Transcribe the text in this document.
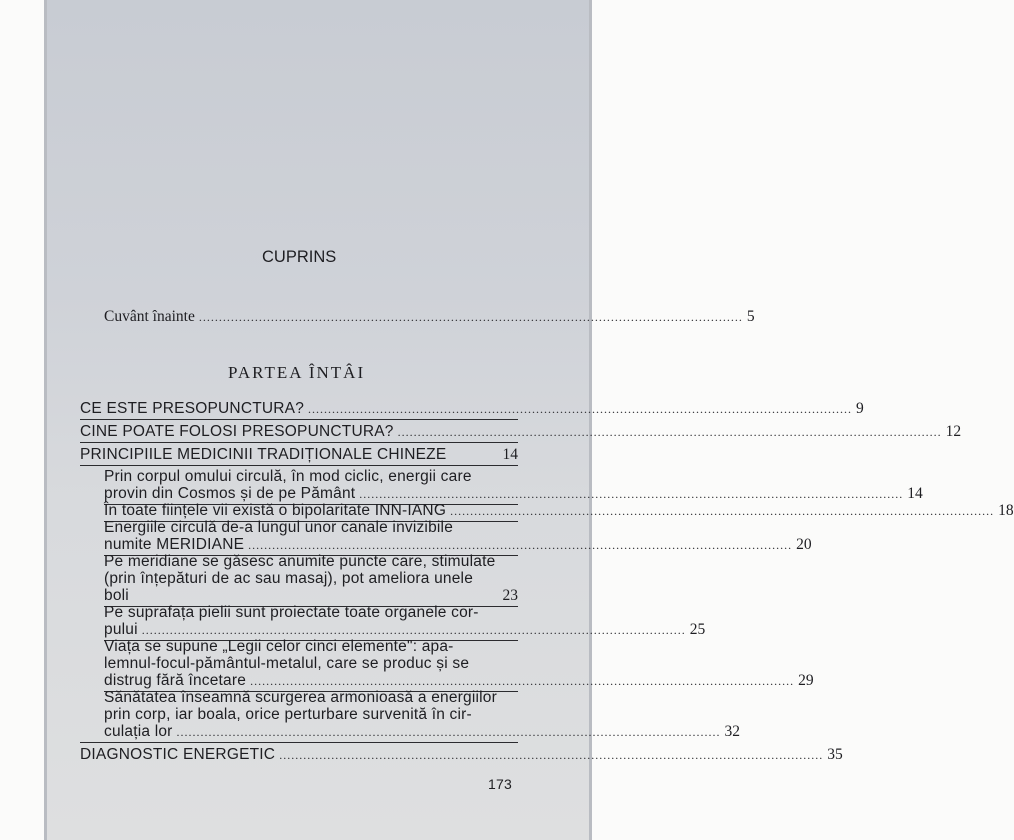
CUPRINS
Cuvânt înainte ........................................................................................................................................ 5
PARTEA ÎNTÂI
CE ESTE PRESOPUNCTURA? ........................................................................................................................................ 9
CINE POATE FOLOSI PRESOPUNCTURA? ........................................................................................................................................ 12
PRINCIPIILE MEDICINII TRADIȚIONALE CHINEZE	14
Prin corpul omului circulă, în mod ciclic, energii care
provin din Cosmos și de pe Pământ ........................................................................................................................................ 14
În toate ființele vii există o bipolaritate INN-IANG ........................................................................................................................................ 18
Energiile circulă de-a lungul unor canale invizibile
numite MERIDIANE ........................................................................................................................................ 20
Pe meridiane se găsesc anumite puncte care, stimulate
(prin înțepături de ac sau masaj), pot ameliora unele
boli	23
Pe suprafața pielii sunt proiectate toate organele cor-
pului ........................................................................................................................................ 25
Viața se supune „Legii celor cinci elemente": apa-
lemnul-focul-pământul-metalul, care se produc și se
distrug fără încetare ........................................................................................................................................ 29
Sănătatea înseamnă scurgerea armonioasă a energiilor
prin corp, iar boala, orice perturbare survenită în cir-
culația lor ........................................................................................................................................ 32
DIAGNOSTIC ENERGETIC ........................................................................................................................................ 35
173
